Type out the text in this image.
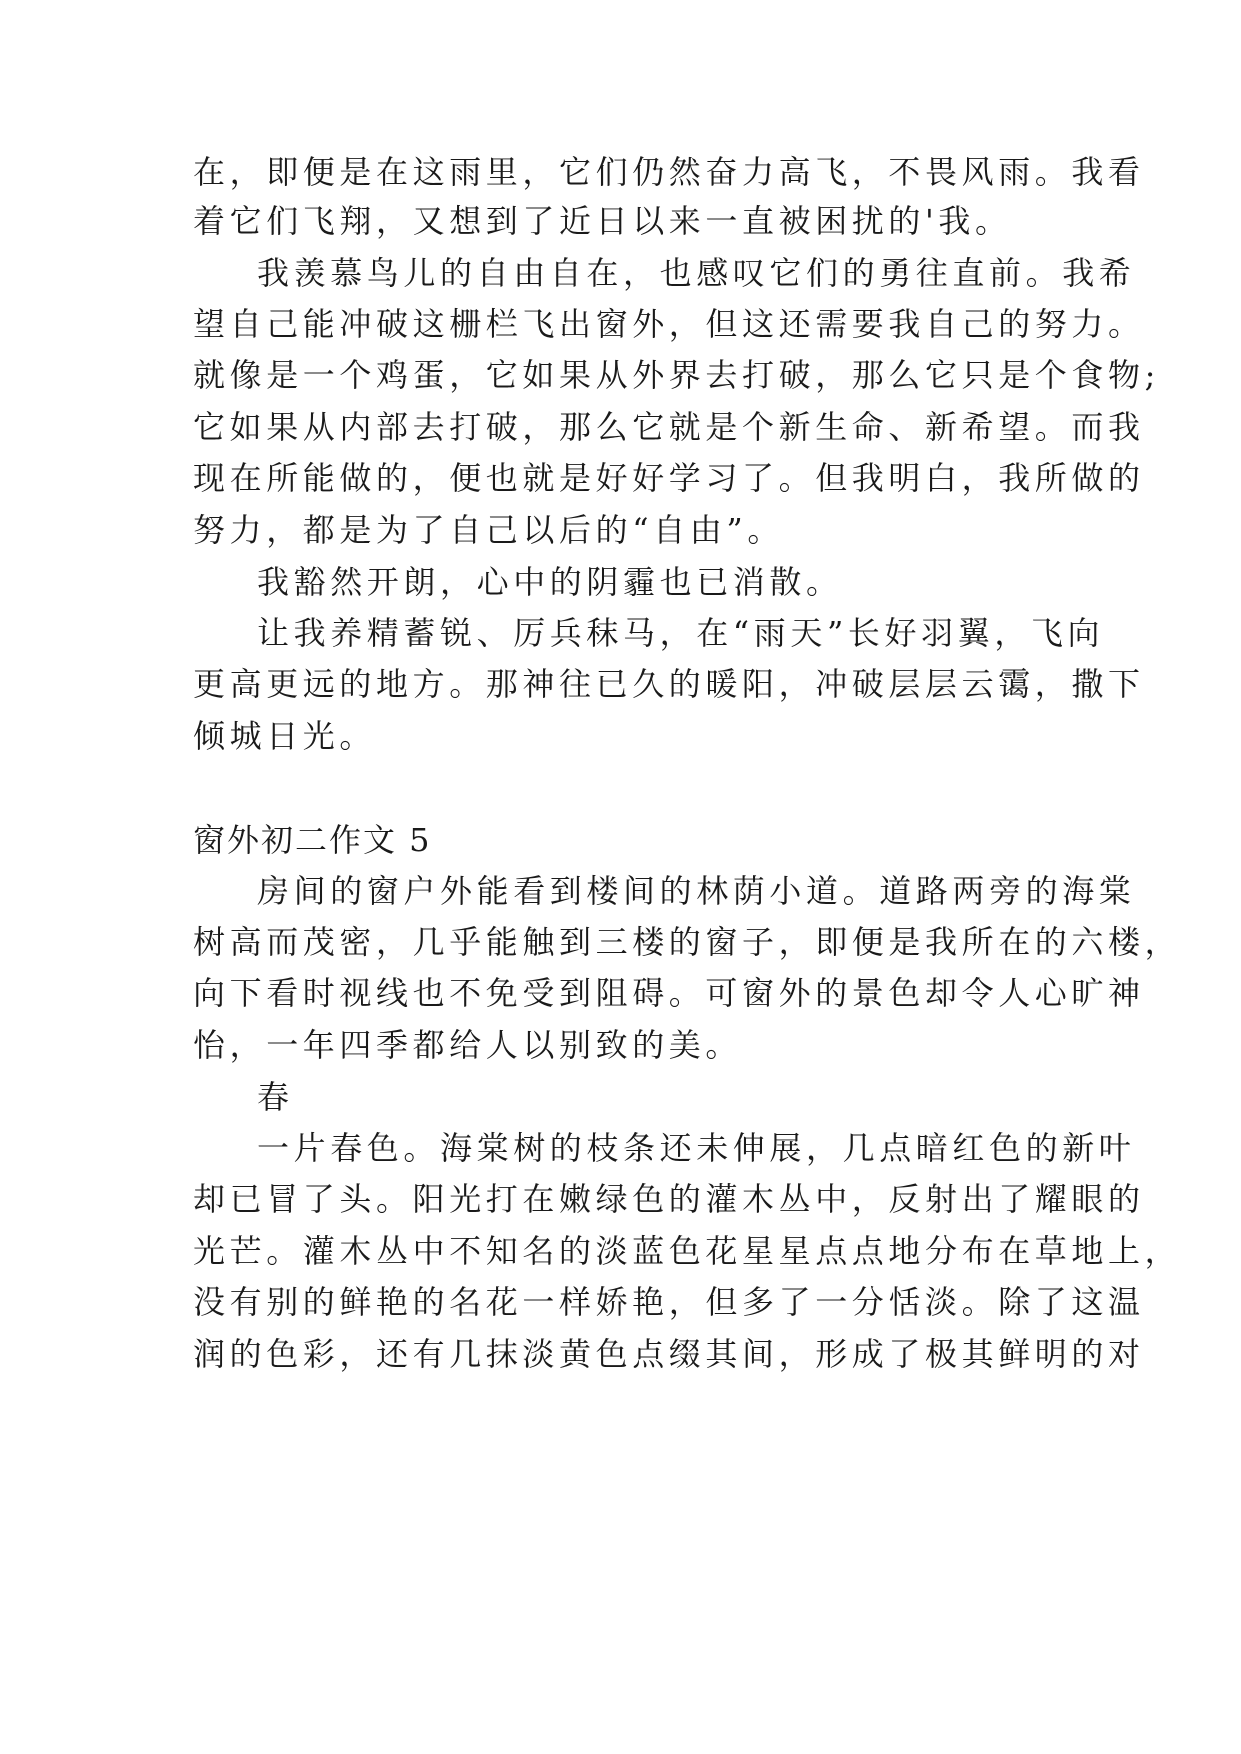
在，即便是在这雨里，它们仍然奋力高飞，不畏风雨。我看
着它们飞翔，又想到了近日以来一直被困扰的'我。
我羡慕鸟儿的自由自在，也感叹它们的勇往直前。我希
望自己能冲破这栅栏飞出窗外，但这还需要我自己的努力。
就像是一个鸡蛋，它如果从外界去打破，那么它只是个食物;
它如果从内部去打破，那么它就是个新生命、新希望。而我
现在所能做的，便也就是好好学习了。但我明白，我所做的
努力，都是为了自己以后的“自由”。
我豁然开朗，心中的阴霾也已消散。
让我养精蓄锐、厉兵秣马，在“雨天”长好羽翼，飞向
更高更远的地方。那神往已久的暖阳，冲破层层云霭，撒下
倾城日光。
窗外初二作文 5
房间的窗户外能看到楼间的林荫小道。道路两旁的海棠
树高而茂密，几乎能触到三楼的窗子，即便是我所在的六楼，
向下看时视线也不免受到阻碍。可窗外的景色却令人心旷神
怡，一年四季都给人以别致的美。
春
一片春色。海棠树的枝条还未伸展，几点暗红色的新叶
却已冒了头。阳光打在嫩绿色的灌木丛中，反射出了耀眼的
光芒。灌木丛中不知名的淡蓝色花星星点点地分布在草地上，
没有别的鲜艳的名花一样娇艳，但多了一分恬淡。除了这温
润的色彩，还有几抹淡黄色点缀其间，形成了极其鲜明的对
